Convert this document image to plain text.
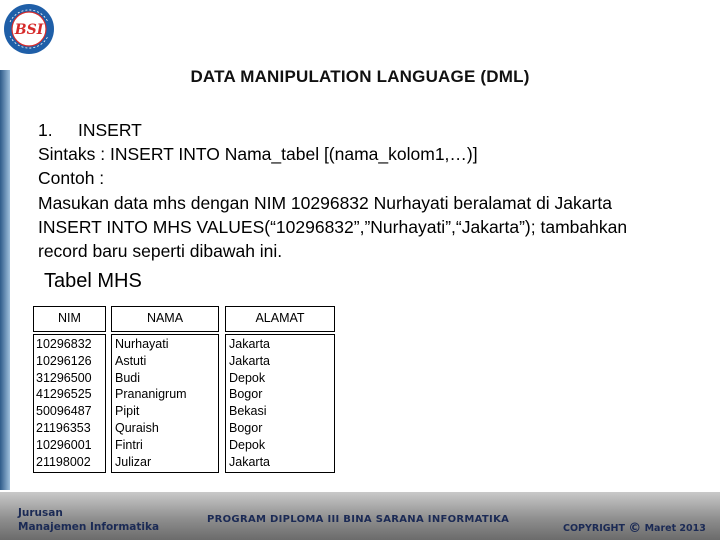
BSI
DATA MANIPULATION LANGUAGE (DML)
1. INSERT
Sintaks : INSERT INTO Nama_tabel [(nama_kolom1,…)]
Contoh :
Masukan data mhs dengan NIM 10296832 Nurhayati beralamat di Jakarta
INSERT INTO MHS VALUES(“10296832”,”Nurhayati”,“Jakarta”); tambahkan
record baru seperti dibawah ini.
Tabel MHS
NIM	NAMA	ALAMAT
10296832
10296126
31296500
41296525
50096487
21196353
10296001
21198002
Nurhayati
Astuti
Budi
Prananigrum
Pipit
Quraish
Fintri
Julizar
Jakarta
Jakarta
Depok
Bogor
Bekasi
Bogor
Depok
Jakarta
Jurusan
Manajemen Informatika
PROGRAM DIPLOMA III BINA SARANA INFORMATIKA
COPYRIGHT © Maret 2013
